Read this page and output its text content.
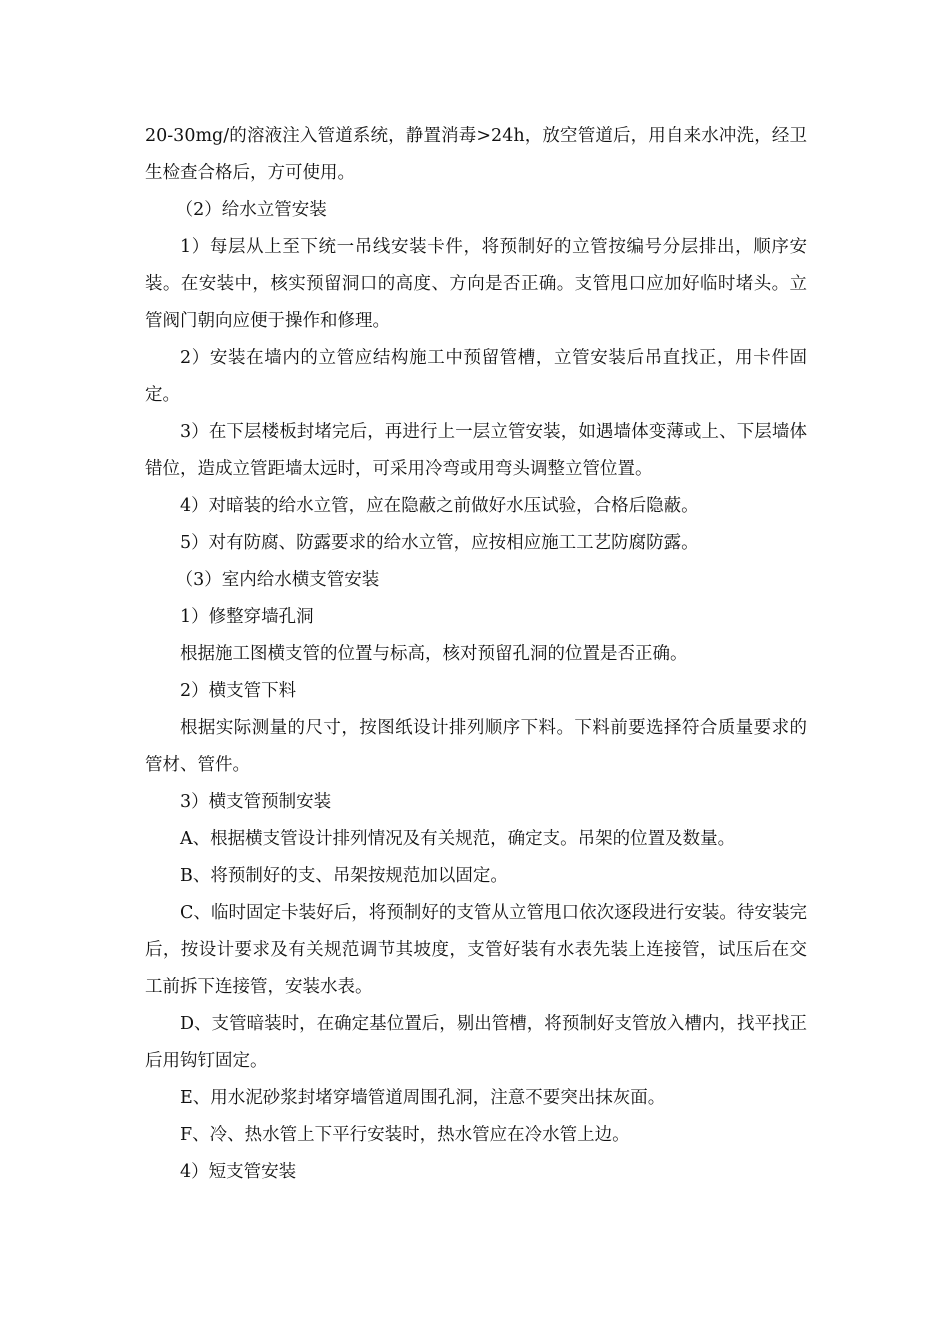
20-30mg/的溶液注入管道系统，静置消毒>24h，放空管道后，用自来水冲洗，经卫生检查合格后，方可使用。

（2）给水立管安装

1）每层从上至下统一吊线安装卡件，将预制好的立管按编号分层排出，顺序安装。在安装中，核实预留洞口的高度、方向是否正确。支管甩口应加好临时堵头。立管阀门朝向应便于操作和修理。

2）安装在墙内的立管应结构施工中预留管槽，立管安装后吊直找正，用卡件固定。

3）在下层楼板封堵完后，再进行上一层立管安装，如遇墙体变薄或上、下层墙体错位，造成立管距墙太远时，可采用冷弯或用弯头调整立管位置。

4）对暗装的给水立管，应在隐蔽之前做好水压试验，合格后隐蔽。

5）对有防腐、防露要求的给水立管，应按相应施工工艺防腐防露。

（3）室内给水横支管安装

1）修整穿墙孔洞

根据施工图横支管的位置与标高，核对预留孔洞的位置是否正确。

2）横支管下料

根据实际测量的尺寸，按图纸设计排列顺序下料。下料前要选择符合质量要求的管材、管件。

3）横支管预制安装

A、根据横支管设计排列情况及有关规范，确定支。吊架的位置及数量。

B、将预制好的支、吊架按规范加以固定。

C、临时固定卡装好后，将预制好的支管从立管甩口依次逐段进行安装。待安装完后，按设计要求及有关规范调节其坡度，支管好装有水表先装上连接管，试压后在交工前拆下连接管，安装水表。

D、支管暗装时，在确定基位置后，剔出管槽，将预制好支管放入槽内，找平找正后用钩钉固定。

E、用水泥砂浆封堵穿墙管道周围孔洞，注意不要突出抹灰面。

F、冷、热水管上下平行安装时，热水管应在冷水管上边。

4）短支管安装
